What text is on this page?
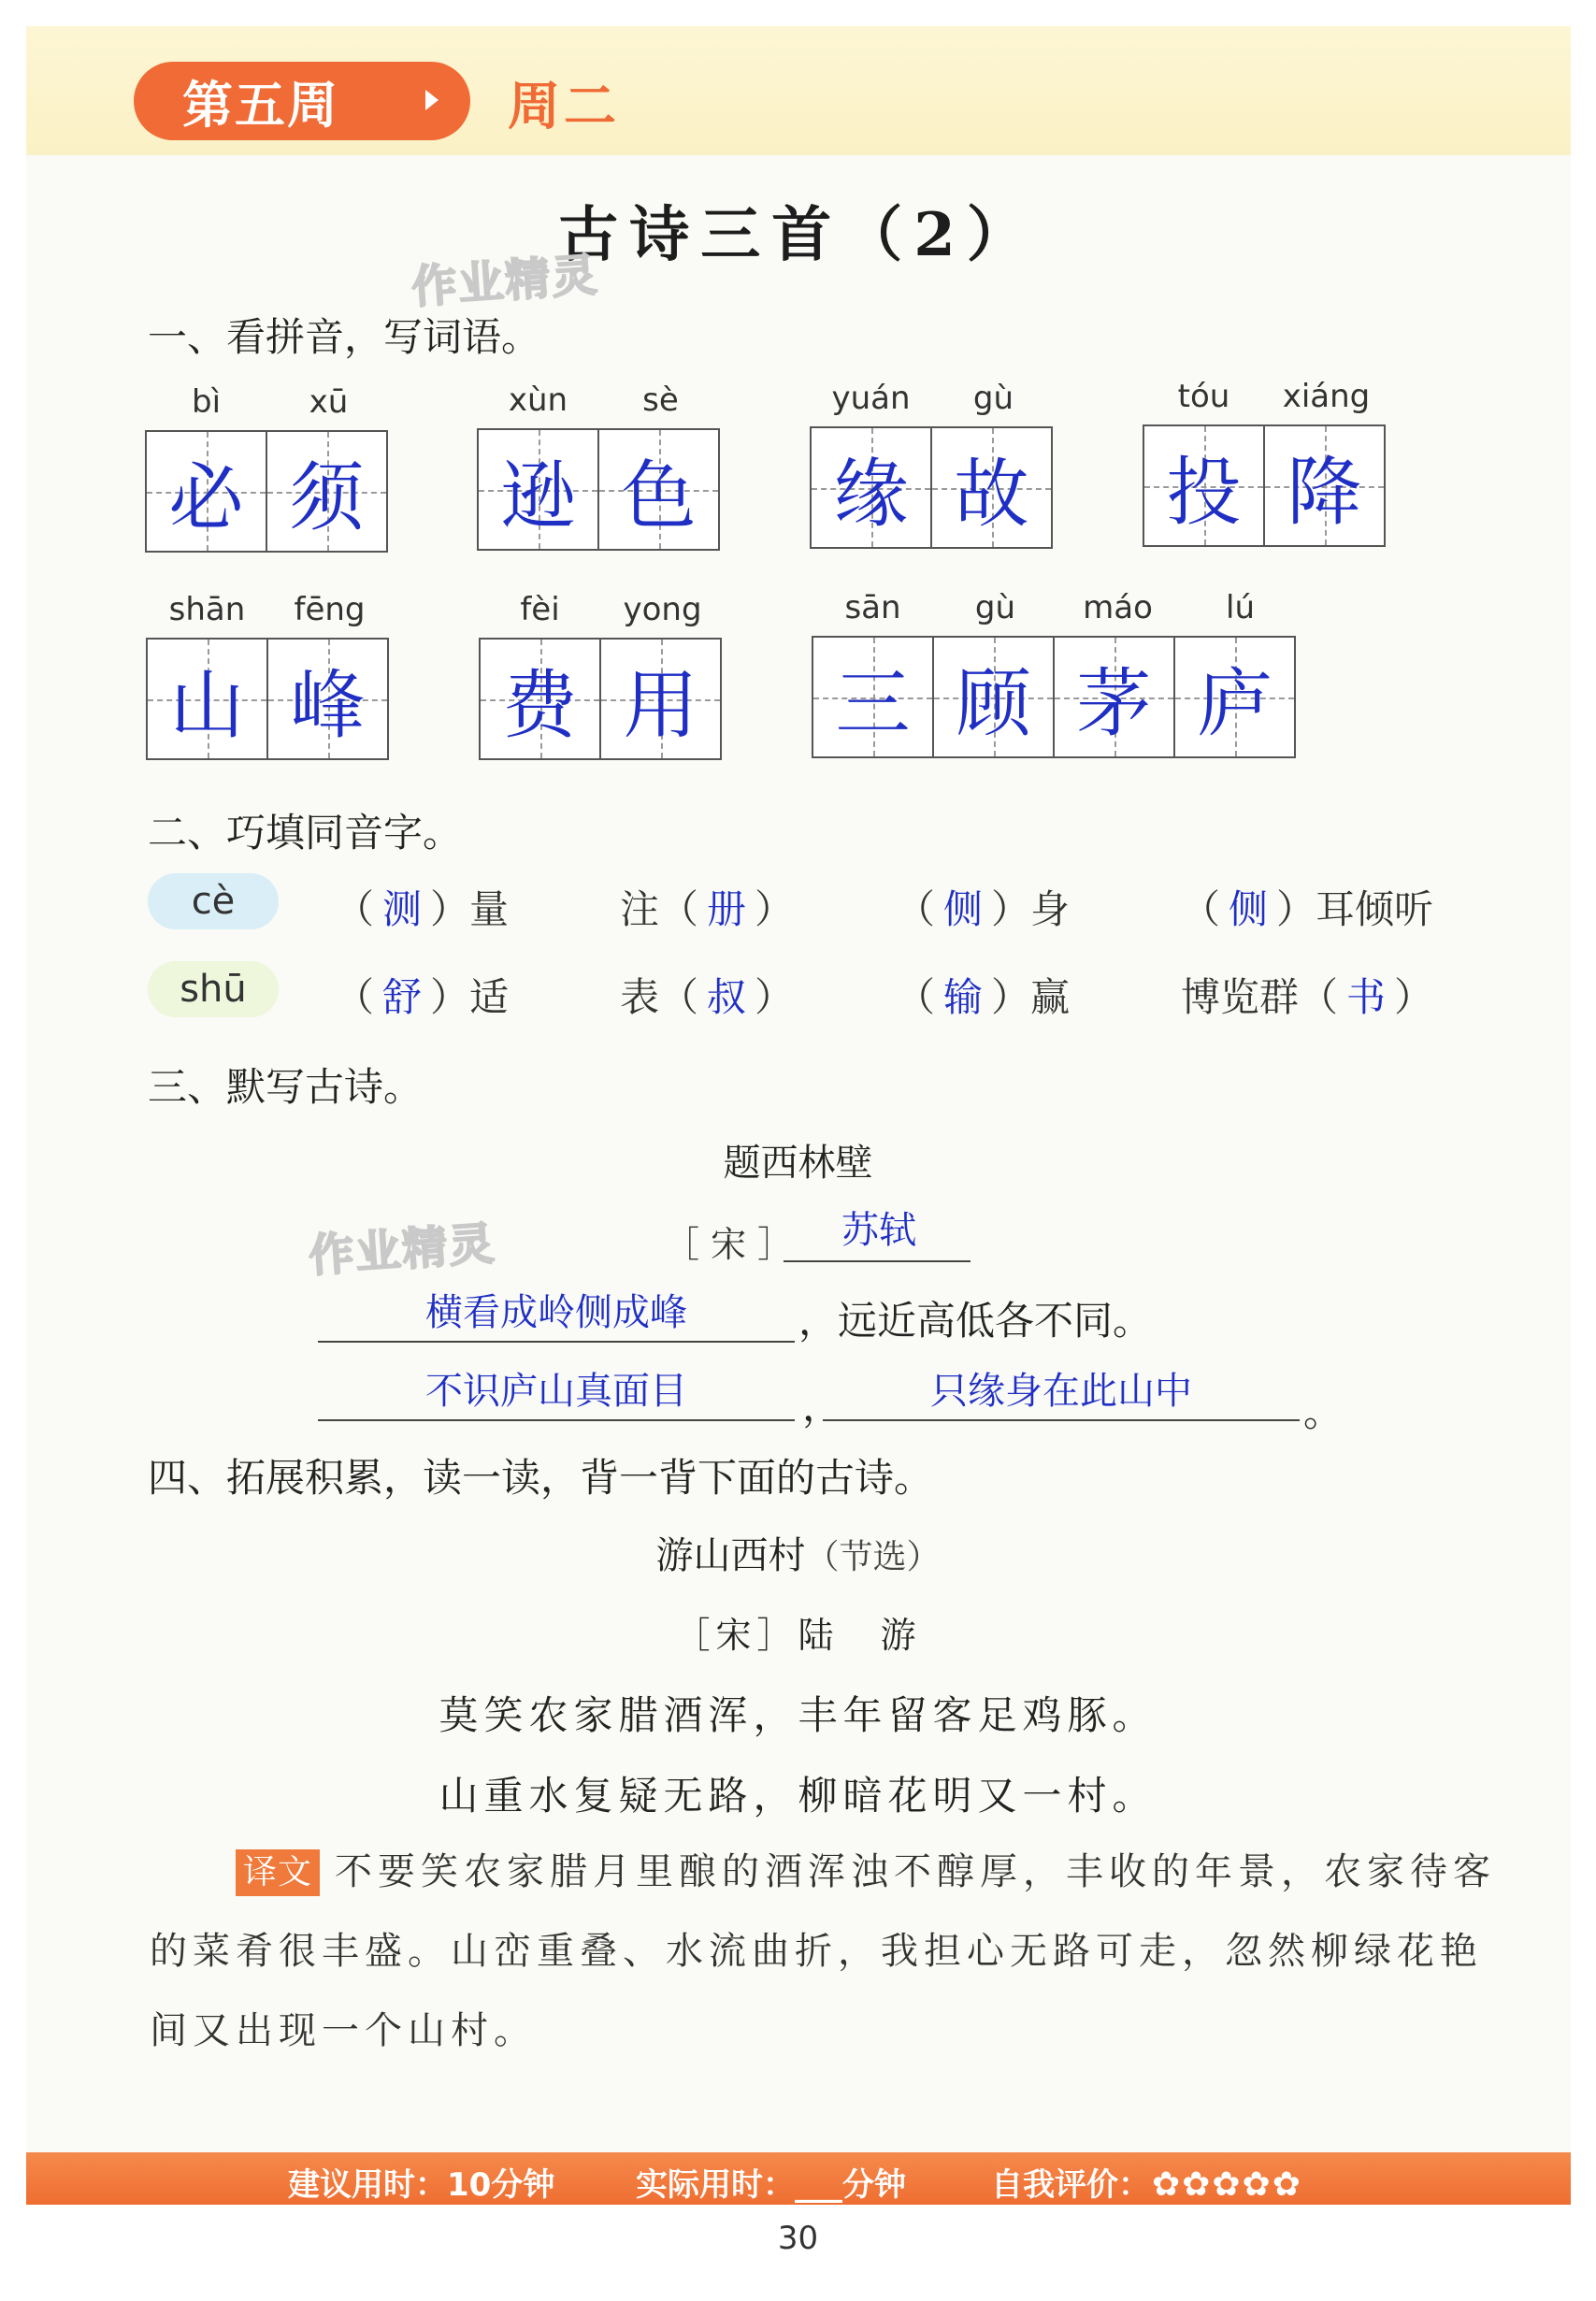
第五周	周二
古诗三首（2）
作业精灵
作业精灵
一、看拼音，写词语。
bì	xū
必 须
xùn	sè
逊 色
yuán	gù
缘 故
tóu	xiáng
投 降
shān	fēng
山 峰
fèi	yong
费 用
sān	gù	máo	lú
三 顾 茅 庐
二、巧填同音字。
cè	（ 测 ）量	注（ 册 ）	（ 侧 ）身	（ 侧 ）耳倾听
shū	（ 舒 ）适	表（ 叔 ）	（ 输 ）赢	博览群（ 书 ）
三、默写古诗。
题西林壁
［ 宋 ］	苏轼
横看成岭侧成峰	，远近高低各不同。
不识庐山真面目	，	只缘身在此山中	。
四、拓展积累，读一读，背一背下面的古诗。
游山西村（节选）
［宋］陆　游
莫笑农家腊酒浑，丰年留客足鸡豚。
山重水复疑无路，柳暗花明又一村。
译文 不要笑农家腊月里酿的酒浑浊不醇厚，丰收的年景，农家待客的菜肴很丰盛。山峦重叠、水流曲折，我担心无路可走，忽然柳绿花艳间又出现一个山村。
建议用时：10分钟	实际用时：___分钟	自我评价：✿✿✿✿✿
30
